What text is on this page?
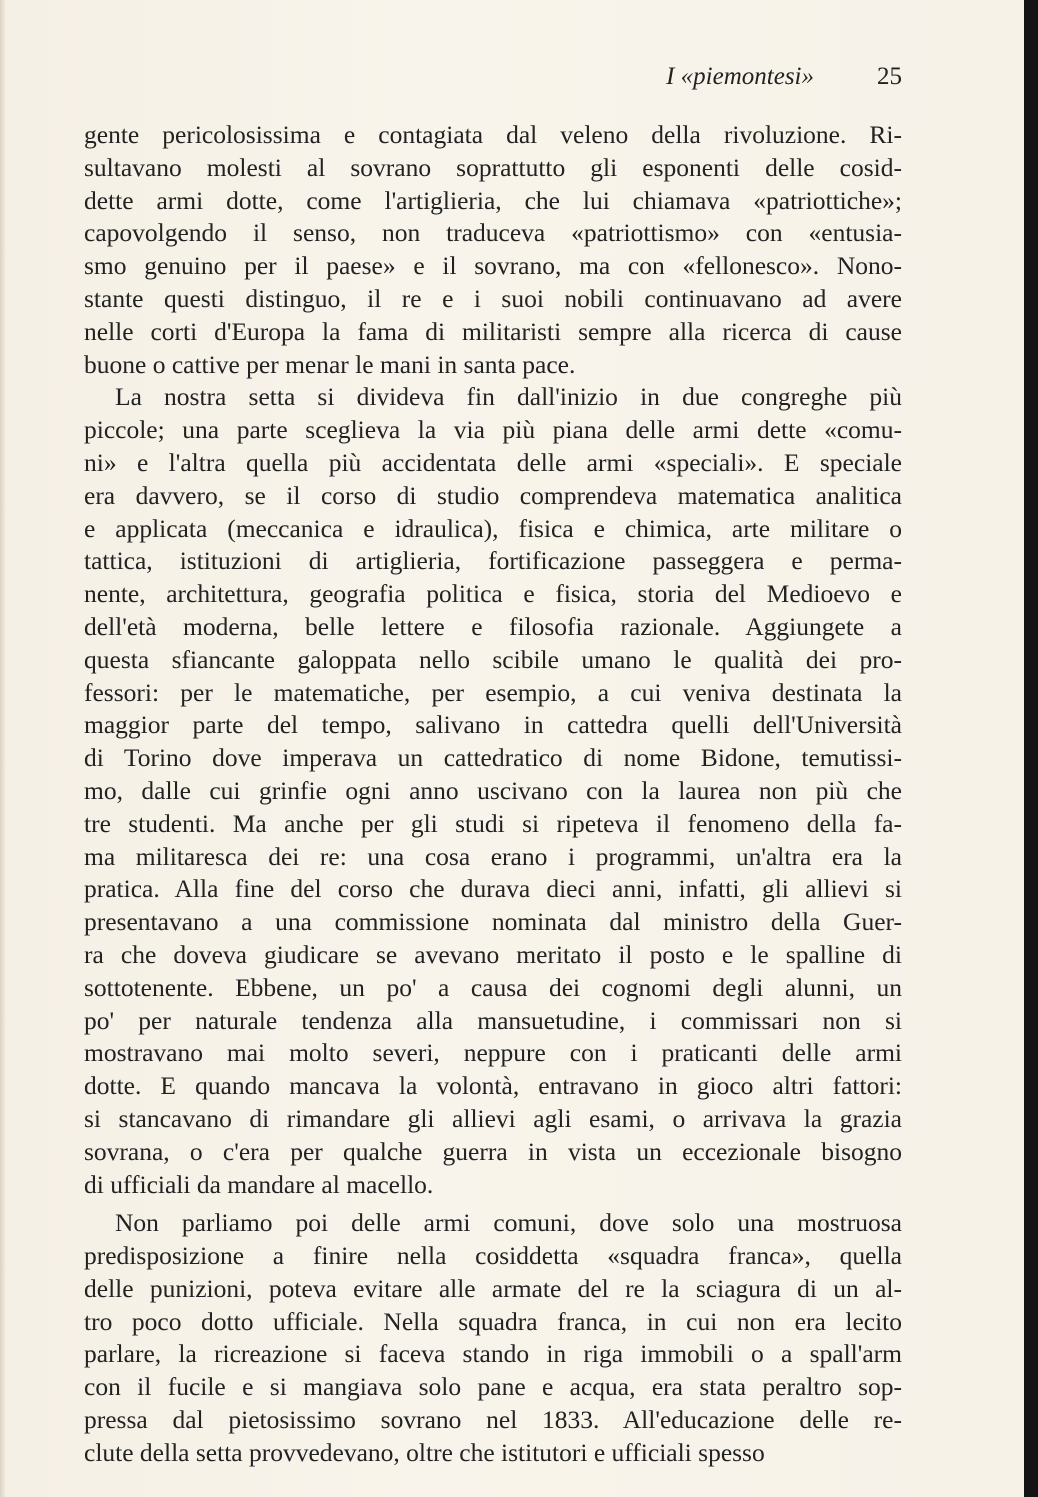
I «piemontesi»	25
gente pericolosissima e contagiata dal veleno della rivoluzione. Ri-
sultavano molesti al sovrano soprattutto gli esponenti delle cosid-
dette armi dotte, come l'artiglieria, che lui chiamava «patriottiche»;
capovolgendo il senso, non traduceva «patriottismo» con «entusia-
smo genuino per il paese» e il sovrano, ma con «fellonesco». Nono-
stante questi distinguo, il re e i suoi nobili continuavano ad avere
nelle corti d'Europa la fama di militaristi sempre alla ricerca di cause
buone o cattive per menar le mani in santa pace.
La nostra setta si divideva fin dall'inizio in due congreghe più
piccole; una parte sceglieva la via più piana delle armi dette «comu-
ni» e l'altra quella più accidentata delle armi «speciali». E speciale
era davvero, se il corso di studio comprendeva matematica analitica
e applicata (meccanica e idraulica), fisica e chimica, arte militare o
tattica, istituzioni di artiglieria, fortificazione passeggera e perma-
nente, architettura, geografia politica e fisica, storia del Medioevo e
dell'età moderna, belle lettere e filosofia razionale. Aggiungete a
questa sfiancante galoppata nello scibile umano le qualità dei pro-
fessori: per le matematiche, per esempio, a cui veniva destinata la
maggior parte del tempo, salivano in cattedra quelli dell'Università
di Torino dove imperava un cattedratico di nome Bidone, temutissi-
mo, dalle cui grinfie ogni anno uscivano con la laurea non più che
tre studenti. Ma anche per gli studi si ripeteva il fenomeno della fa-
ma militaresca dei re: una cosa erano i programmi, un'altra era la
pratica. Alla fine del corso che durava dieci anni, infatti, gli allievi si
presentavano a una commissione nominata dal ministro della Guer-
ra che doveva giudicare se avevano meritato il posto e le spalline di
sottotenente. Ebbene, un po' a causa dei cognomi degli alunni, un
po' per naturale tendenza alla mansuetudine, i commissari non si
mostravano mai molto severi, neppure con i praticanti delle armi
dotte. E quando mancava la volontà, entravano in gioco altri fattori:
si stancavano di rimandare gli allievi agli esami, o arrivava la grazia
sovrana, o c'era per qualche guerra in vista un eccezionale bisogno
di ufficiali da mandare al macello.
Non parliamo poi delle armi comuni, dove solo una mostruosa
predisposizione a finire nella cosiddetta «squadra franca», quella
delle punizioni, poteva evitare alle armate del re la sciagura di un al-
tro poco dotto ufficiale. Nella squadra franca, in cui non era lecito
parlare, la ricreazione si faceva stando in riga immobili o a spall'arm
con il fucile e si mangiava solo pane e acqua, era stata peraltro sop-
pressa dal pietosissimo sovrano nel 1833. All'educazione delle re-
clute della setta provvedevano, oltre che istitutori e ufficiali spesso
